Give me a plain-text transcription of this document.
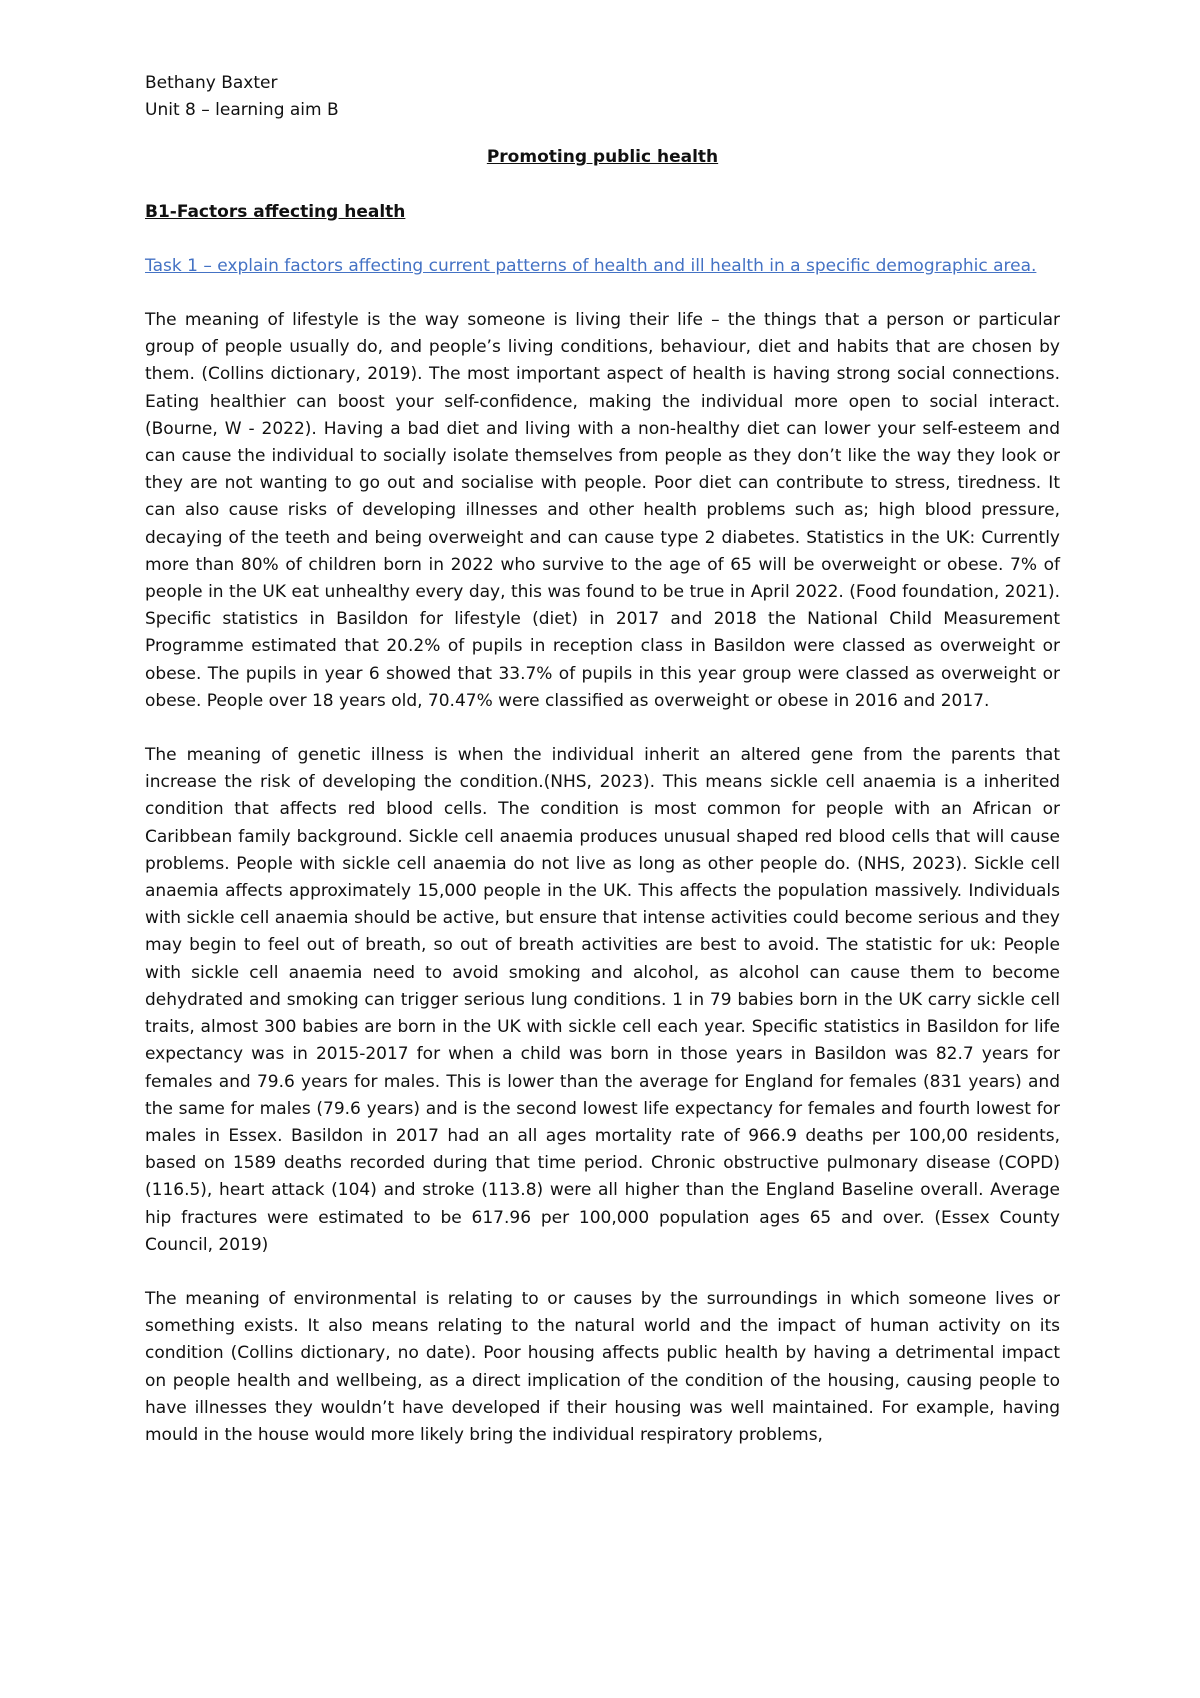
Bethany Baxter

Unit 8 – learning aim B

Promoting public health

B1-Factors affecting health

Task 1 – explain factors affecting current patterns of health and ill health in a specific demographic area.

The meaning of lifestyle is the way someone is living their life – the things that a person or particular group of people usually do, and people’s living conditions, behaviour, diet and habits that are chosen by them. (Collins dictionary, 2019). The most important aspect of health is having strong social connections. Eating healthier can boost your self-confidence, making the individual more open to social interact. (Bourne, W - 2022). Having a bad diet and living with a non-healthy diet can lower your self-esteem and can cause the individual to socially isolate themselves from people as they don’t like the way they look or they are not wanting to go out and socialise with people. Poor diet can contribute to stress, tiredness. It can also cause risks of developing illnesses and other health problems such as; high blood pressure, decaying of the teeth and being overweight and can cause type 2 diabetes. Statistics in the UK: Currently more than 80% of children born in 2022 who survive to the age of 65 will be overweight or obese. 7% of people in the UK eat unhealthy every day, this was found to be true in April 2022. (Food foundation, 2021). Specific statistics in Basildon for lifestyle (diet) in 2017 and 2018 the National Child Measurement Programme estimated that 20.2% of pupils in reception class in Basildon were classed as overweight or obese. The pupils in year 6 showed that 33.7% of pupils in this year group were classed as overweight or obese. People over 18 years old, 70.47% were classified as overweight or obese in 2016 and 2017.

The meaning of genetic illness is when the individual inherit an altered gene from the parents that increase the risk of developing the condition.(NHS, 2023). This means sickle cell anaemia is a inherited condition that affects red blood cells. The condition is most common for people with an African or Caribbean family background. Sickle cell anaemia produces unusual shaped red blood cells that will cause problems. People with sickle cell anaemia do not live as long as other people do. (NHS, 2023). Sickle cell anaemia affects approximately 15,000 people in the UK. This affects the population massively. Individuals with sickle cell anaemia should be active, but ensure that intense activities could become serious and they may begin to feel out of breath, so out of breath activities are best to avoid. The statistic for uk: People with sickle cell anaemia need to avoid smoking and alcohol, as alcohol can cause them to become dehydrated and smoking can trigger serious lung conditions. 1 in 79 babies born in the UK carry sickle cell traits, almost 300 babies are born in the UK with sickle cell each year. Specific statistics in Basildon for life expectancy was in 2015-2017 for when a child was born in those years in Basildon was 82.7 years for females and 79.6 years for males. This is lower than the average for England for females (831 years) and the same for males (79.6 years) and is the second lowest life expectancy for females and fourth lowest for males in Essex. Basildon in 2017 had an all ages mortality rate of 966.9 deaths per 100,00 residents, based on 1589 deaths recorded during that time period. Chronic obstructive pulmonary disease (COPD) (116.5), heart attack (104) and stroke (113.8) were all higher than the England Baseline overall. Average hip fractures were estimated to be 617.96 per 100,000 population ages 65 and over. (Essex County Council, 2019)

The meaning of environmental is relating to or causes by the surroundings in which someone lives or something exists. It also means relating to the natural world and the impact of human activity on its condition (Collins dictionary, no date). Poor housing affects public health by having a detrimental impact on people health and wellbeing, as a direct implication of the condition of the housing, causing people to have illnesses they wouldn’t have developed if their housing was well maintained. For example, having mould in the house would more likely bring the individual respiratory problems,
